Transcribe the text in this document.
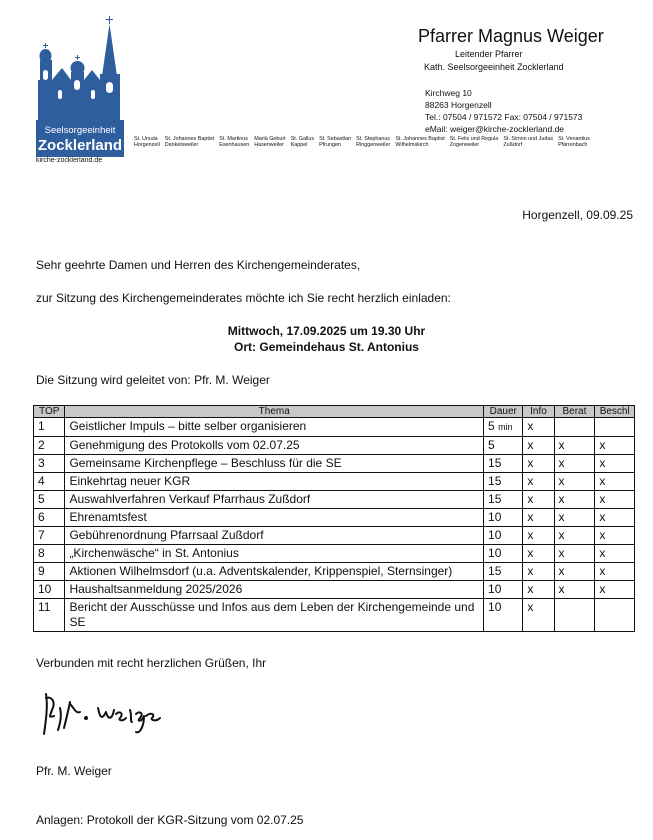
Seelsorgeeinheit
Zocklerland
kirche-zocklerland.de
Pfarrer Magnus Weiger
Leitender Pfarrer
Kath. Seelsorgeeinheit Zocklerland
Kirchweg 10
88263 Horgenzell
Tel.: 07504 / 971572 Fax: 07504 / 971573
eMail: weiger@kirche-zocklerland.de
St. Ursula
Horgenzell
St. Johannes Baptist
Dankelsweiler
St. Martinus
Esenhausen
Mariä Geburt
Hasenweiler
St. Gallus
Kappel
St. Sebastian
Pfrungen
St. Stephanus
Ringgenweiler
St. Johannes Baptist
Wilhelmskirch
St. Felix und Regula
Zogenweiler
St. Simon und Judas
Zußdorf
St. Venantius
Pfärrenbach
Horgenzell, 09.09.25
Sehr geehrte Damen und Herren des Kirchengemeinderates,
zur Sitzung des Kirchengemeinderates möchte ich Sie recht herzlich einladen:
Mittwoch, 17.09.2025 um 19.30 Uhr
Ort: Gemeindehaus St. Antonius
Die Sitzung wird geleitet von: Pfr. M. Weiger
TOP	Thema	Dauer	Info	Berat	Beschl
1	Geistlicher Impuls – bitte selber organisieren	5 min	x		
2	Genehmigung des Protokolls vom 02.07.25	5	x	x	x
3	Gemeinsame Kirchenpflege – Beschluss für die SE	15	x	x	x
4	Einkehrtag neuer KGR	15	x	x	x
5	Auswahlverfahren Verkauf Pfarrhaus Zußdorf	15	x	x	x
6	Ehrenamtsfest	10	x	x	x
7	Gebührenordnung Pfarrsaal Zußdorf	10	x	x	x
8	„Kirchenwäsche“ in St. Antonius	10	x	x	x
9	Aktionen Wilhelmsdorf (u.a. Adventskalender, Krippenspiel, Sternsinger)	15	x	x	x
10	Haushaltsanmeldung 2025/2026	10	x	x	x
11	Bericht der Ausschüsse und Infos aus dem Leben der Kirchengemeinde und SE	10	x		
Verbunden mit recht herzlichen Grüßen, Ihr
Pfr. M. Weiger
Anlagen: Protokoll der KGR-Sitzung vom 02.07.25
